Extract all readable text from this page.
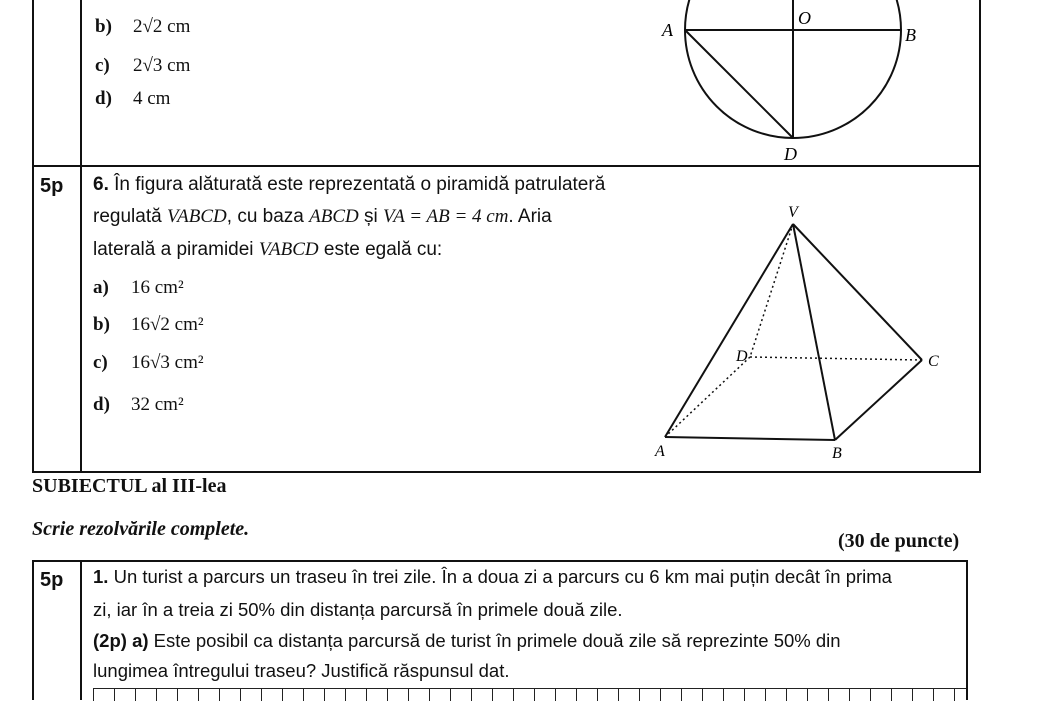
b) 2√2 cm
c) 2√3 cm
d) 4 cm
A	B
O
D
5p 6. În figura alăturată este reprezentată o piramidă patrulateră
regulată VABCD, cu baza ABCD și VA = AB = 4 cm. Aria
laterală a piramidei VABCD este egală cu:
a) 16 cm²
b) 16√2 cm²
c) 16√3 cm²
d) 32 cm²
V
D	C
A	B
SUBIECTUL al III-lea
Scrie rezolvările complete.
(30 de puncte)
5p 1. Un turist a parcurs un traseu în trei zile. În a doua zi a parcurs cu 6 km mai puțin decât în prima
zi, iar în a treia zi 50% din distanța parcursă în primele două zile.
(2p) a) Este posibil ca distanța parcursă de turist în primele două zile să reprezinte 50% din
lungimea întregului traseu? Justifică răspunsul dat.
